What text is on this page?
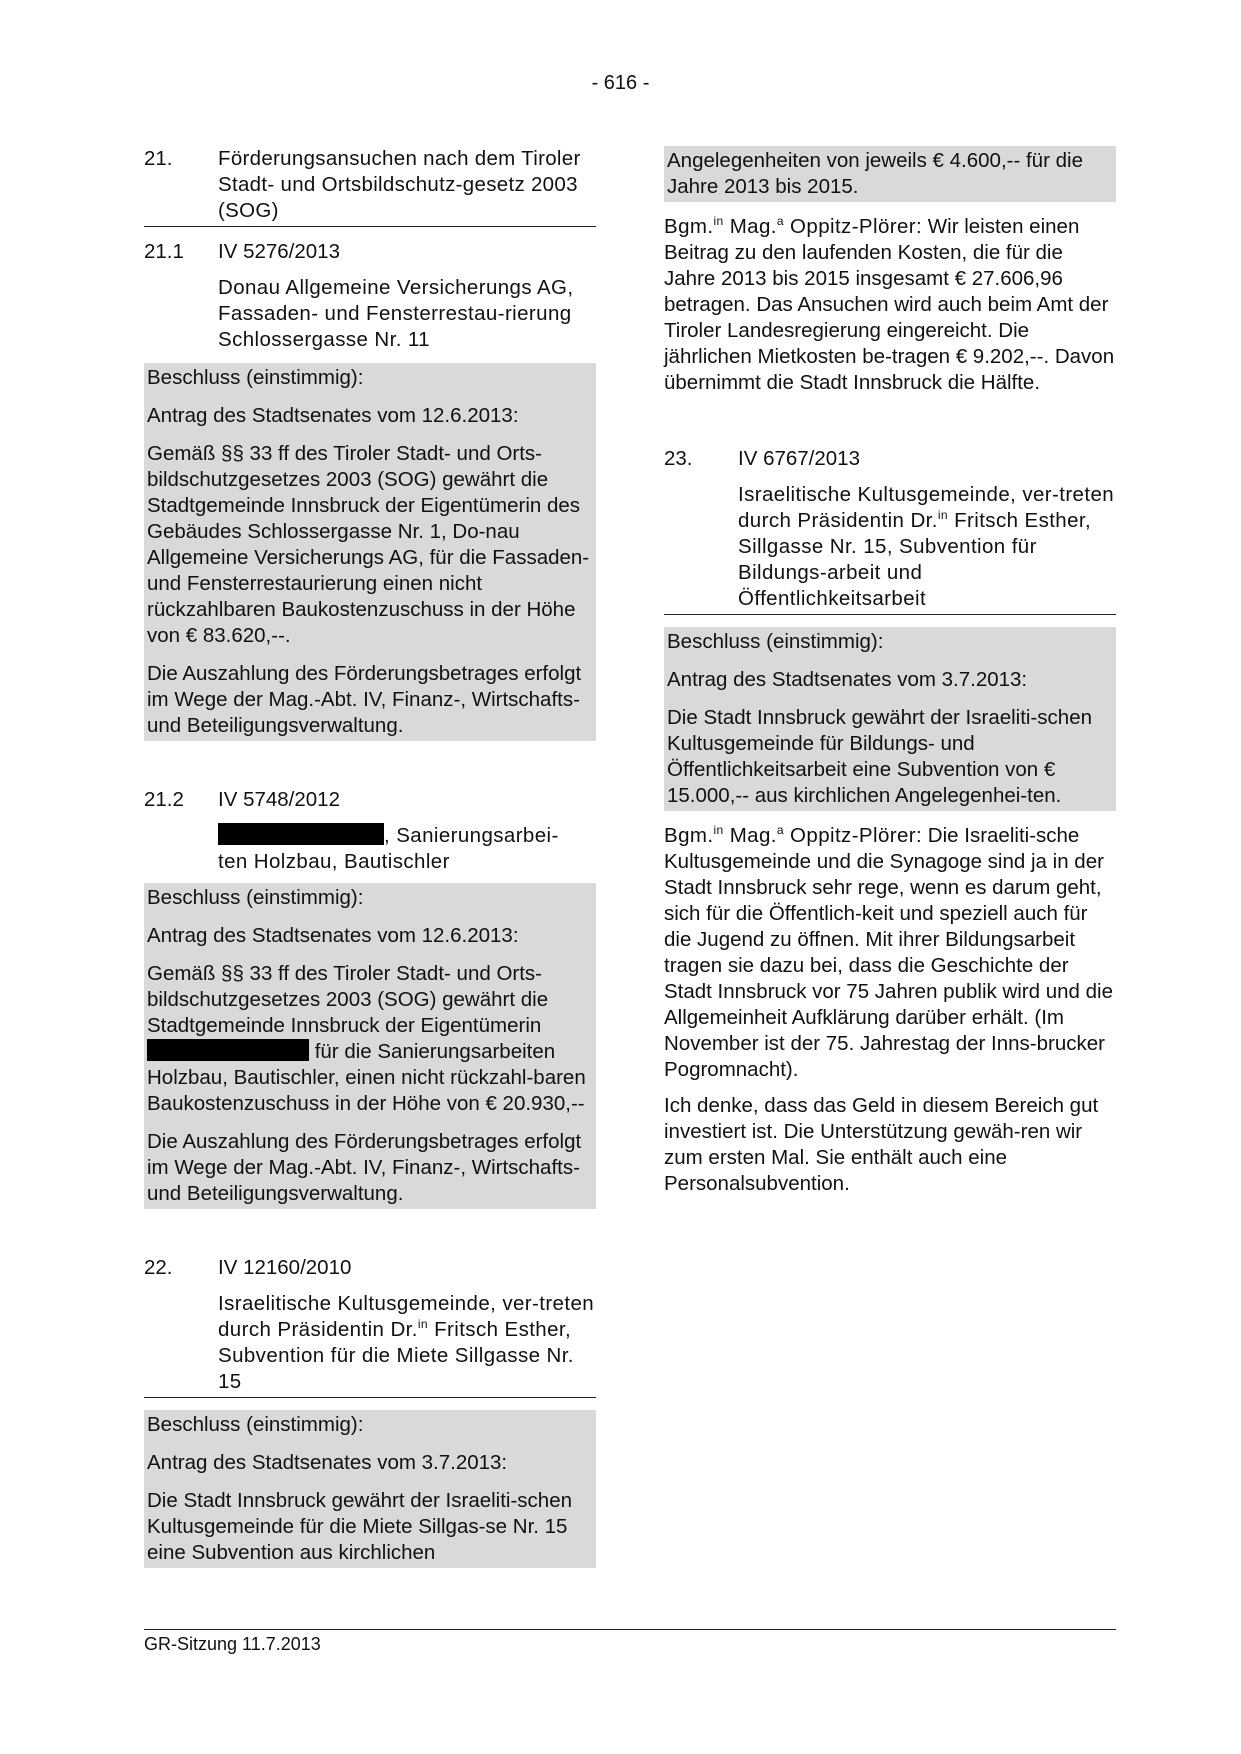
- 616 -
21.	Förderungsansuchen nach dem Tiroler Stadt- und Ortsbildschutz-gesetz 2003 (SOG)
21.1	IV 5276/2013
Donau Allgemeine Versicherungs AG, Fassaden- und Fensterrestau-rierung Schlossergasse Nr. 11
Beschluss (einstimmig):
Antrag des Stadtsenates vom 12.6.2013:
Gemäß §§ 33 ff des Tiroler Stadt- und Orts-bildschutzgesetzes 2003 (SOG) gewährt die Stadtgemeinde Innsbruck der Eigentümerin des Gebäudes Schlossergasse Nr. 1, Do-nau Allgemeine Versicherungs AG, für die Fassaden- und Fensterrestaurierung einen nicht rückzahlbaren Baukostenzuschuss in der Höhe von € 83.620,--.
Die Auszahlung des Förderungsbetrages erfolgt im Wege der Mag.-Abt. IV, Finanz-, Wirtschafts- und Beteiligungsverwaltung.
21.2	IV 5748/2012
, Sanierungsarbei-
ten Holzbau, Bautischler
Beschluss (einstimmig):
Antrag des Stadtsenates vom 12.6.2013:
Gemäß §§ 33 ff des Tiroler Stadt- und Orts-bildschutzgesetzes 2003 (SOG) gewährt die Stadtgemeinde Innsbruck der Eigentümerin  für die Sanierungsarbeiten Holzbau, Bautischler, einen nicht rückzahl-baren Baukostenzuschuss in der Höhe von € 20.930,--
Die Auszahlung des Förderungsbetrages erfolgt im Wege der Mag.-Abt. IV, Finanz-, Wirtschafts- und Beteiligungsverwaltung.
22.	IV 12160/2010
Israelitische Kultusgemeinde, ver-treten durch Präsidentin Dr.$^{in}$ Fritsch Esther, Subvention für die Miete Sillgasse Nr. 15
Beschluss (einstimmig):
Antrag des Stadtsenates vom 3.7.2013:
Die Stadt Innsbruck gewährt der Israeliti-schen Kultusgemeinde für die Miete Sillgas-se Nr. 15 eine Subvention aus kirchlichen
Angelegenheiten von jeweils € 4.600,-- für die Jahre 2013 bis 2015.
Bgm.$^{in}$ Mag.$^a$ Oppitz-Plörer: Wir leisten einen Beitrag zu den laufenden Kosten, die für die Jahre 2013 bis 2015 insgesamt € 27.606,96 betragen. Das Ansuchen wird auch beim Amt der Tiroler Landesregierung eingereicht. Die jährlichen Mietkosten be-tragen € 9.202,--. Davon übernimmt die Stadt Innsbruck die Hälfte.
23.	IV 6767/2013
Israelitische Kultusgemeinde, ver-treten durch Präsidentin Dr.$^{in}$ Fritsch Esther, Sillgasse Nr. 15, Subvention für Bildungs-arbeit und Öffentlichkeitsarbeit
Beschluss (einstimmig):
Antrag des Stadtsenates vom 3.7.2013:
Die Stadt Innsbruck gewährt der Israeliti-schen Kultusgemeinde für Bildungs- und Öffentlichkeitsarbeit eine Subvention von € 15.000,-- aus kirchlichen Angelegenhei-ten.
Bgm.$^{in}$ Mag.$^a$ Oppitz-Plörer: Die Israeliti-sche Kultusgemeinde und die Synagoge sind ja in der Stadt Innsbruck sehr rege, wenn es darum geht, sich für die Öffentlich-keit und speziell auch für die Jugend zu öffnen. Mit ihrer Bildungsarbeit tragen sie dazu bei, dass die Geschichte der Stadt Innsbruck vor 75 Jahren publik wird und die Allgemeinheit Aufklärung darüber erhält. (Im November ist der 75. Jahrestag der Inns-brucker Pogromnacht).
Ich denke, dass das Geld in diesem Bereich gut investiert ist. Die Unterstützung gewäh-ren wir zum ersten Mal. Sie enthält auch eine Personalsubvention.
GR-Sitzung 11.7.2013
